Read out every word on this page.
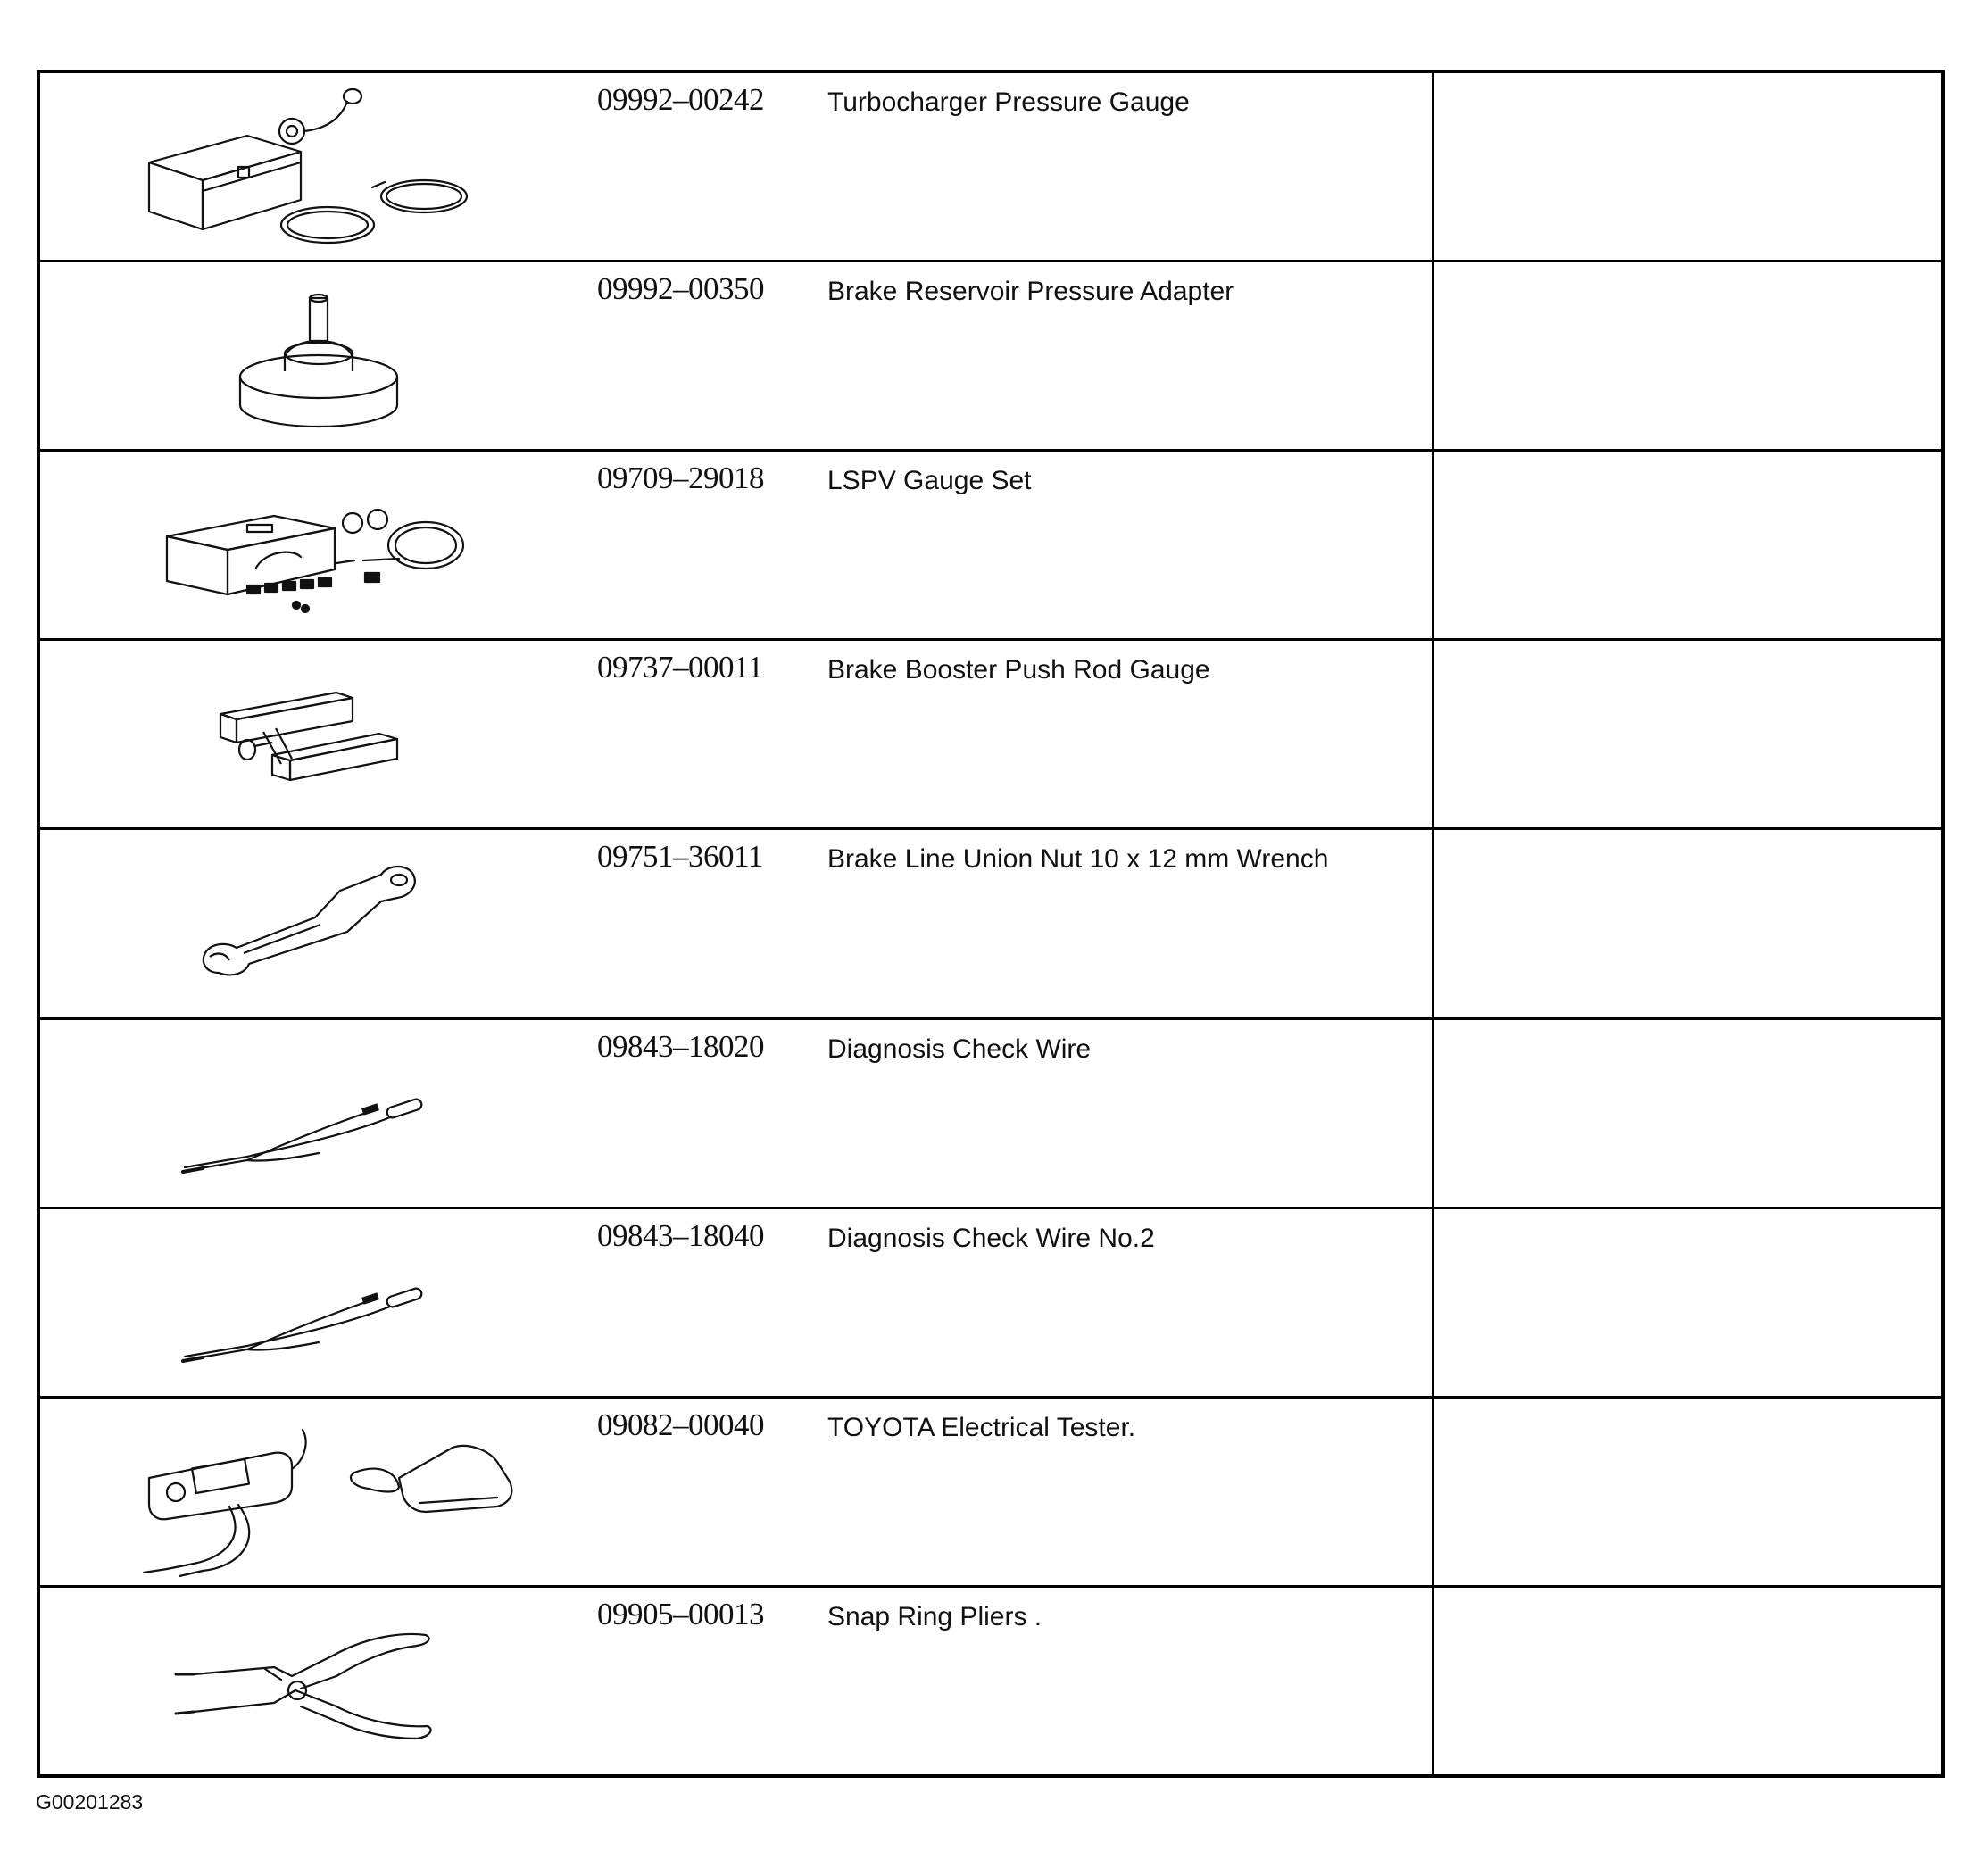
09992–00242	Turbocharger Pressure Gauge
09992–00350	Brake Reservoir Pressure Adapter
09709–29018	LSPV Gauge Set
09737–00011	Brake Booster Push Rod Gauge
09751–36011	Brake Line Union Nut 10 x 12 mm Wrench
09843–18020	Diagnosis Check Wire
09843–18040	Diagnosis Check Wire No.2
09082–00040	TOYOTA Electrical Tester.
09905–00013	Snap Ring Pliers .
G00201283
